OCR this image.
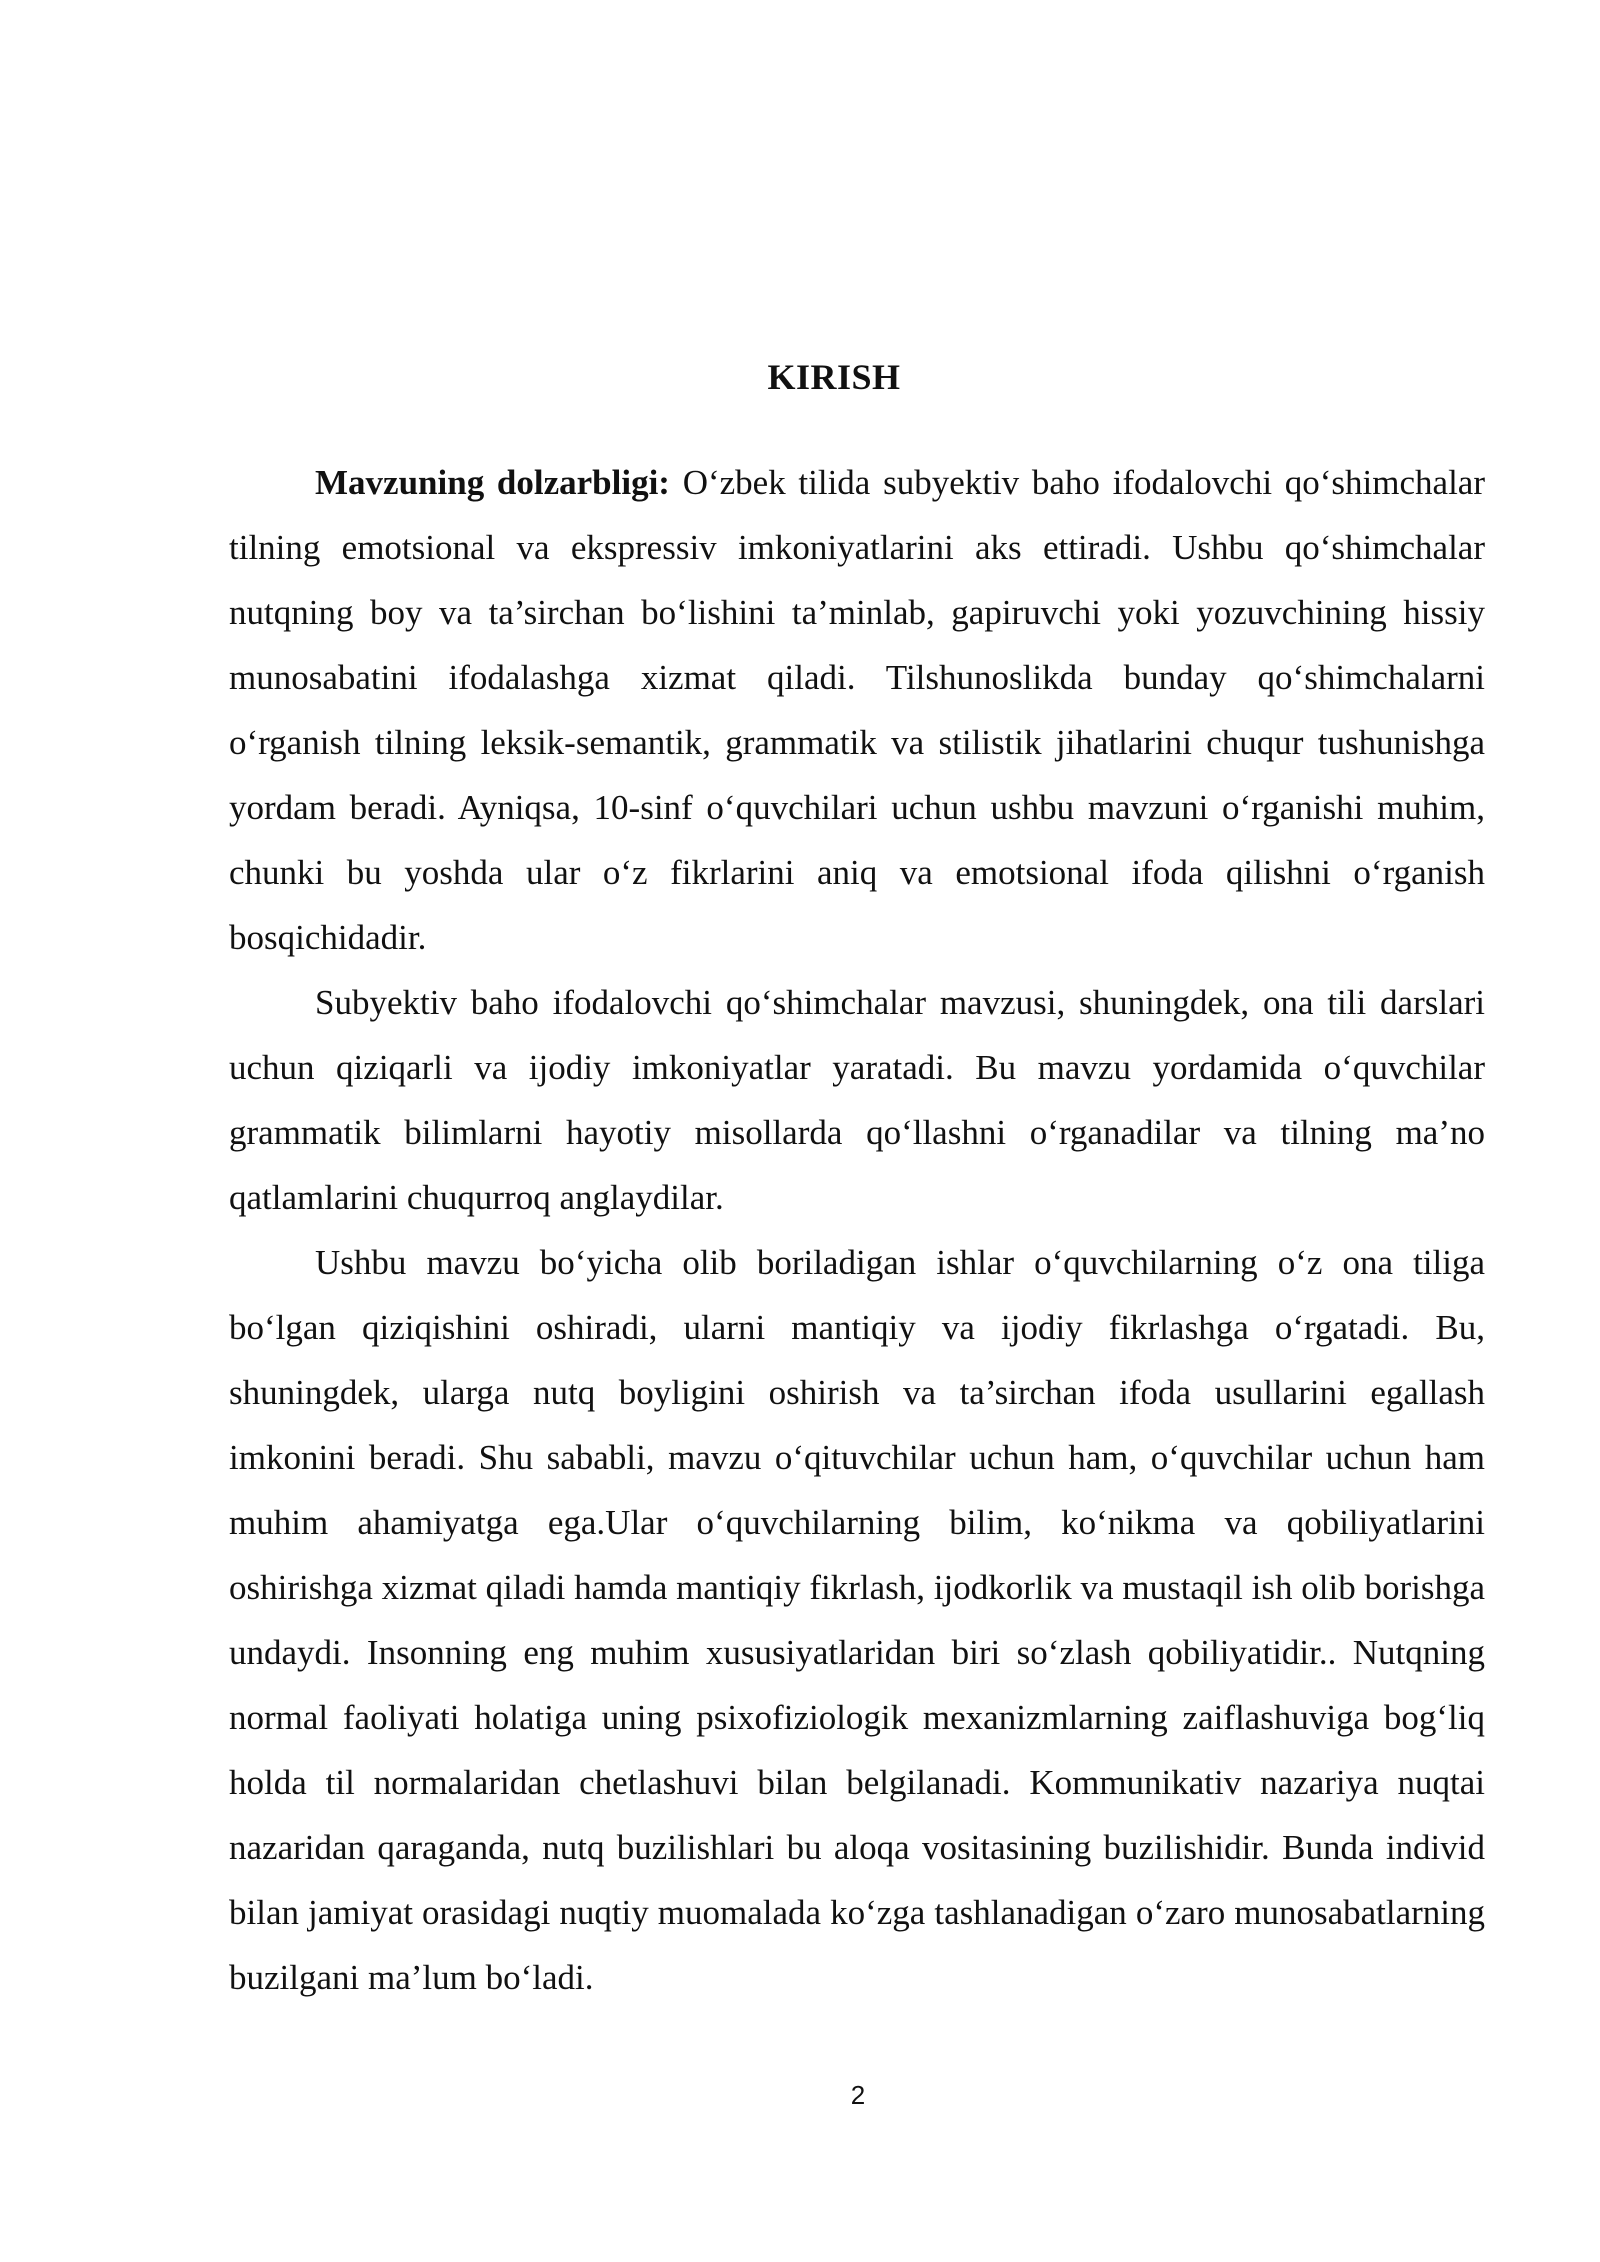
KIRISH

Mavzuning dolzarbligi: O‘zbek tilida subyektiv baho ifodalovchi qo‘shimchalar tilning emotsional va ekspressiv imkoniyatlarini aks ettiradi. Ushbu qo‘shimchalar nutqning boy va ta’sirchan bo‘lishini ta’minlab, gapiruvchi yoki yozuvchining hissiy munosabatini ifodalashga xizmat qiladi. Tilshunoslikda bunday qo‘shimchalarni o‘rganish tilning leksik-semantik, grammatik va stilistik jihatlarini chuqur tushunishga yordam beradi. Ayniqsa, 10-sinf o‘quvchilari uchun ushbu mavzuni o‘rganishi muhim, chunki bu yoshda ular o‘z fikrlarini aniq va emotsional ifoda qilishni o‘rganish bosqichidadir.

Subyektiv baho ifodalovchi qo‘shimchalar mavzusi, shuningdek, ona tili darslari uchun qiziqarli va ijodiy imkoniyatlar yaratadi. Bu mavzu yordamida o‘quvchilar grammatik bilimlarni hayotiy misollarda qo‘llashni o‘rganadilar va tilning ma’no qatlamlarini chuqurroq anglaydilar.

Ushbu mavzu bo‘yicha olib boriladigan ishlar o‘quvchilarning o‘z ona tiliga bo‘lgan qiziqishini oshiradi, ularni mantiqiy va ijodiy fikrlashga o‘rgatadi. Bu, shuningdek, ularga nutq boyligini oshirish va ta’sirchan ifoda usullarini egallash imkonini beradi. Shu sababli, mavzu o‘qituvchilar uchun ham, o‘quvchilar uchun ham muhim ahamiyatga ega.Ular o‘quvchilarning bilim, ko‘nikma va qobiliyatlarini oshirishga xizmat qiladi hamda mantiqiy fikrlash, ijodkorlik va mustaqil ish olib borishga undaydi. Insonning eng muhim xususiyatlaridan biri so‘zlash qobiliyatidir.. Nutqning normal faoliyati holatiga uning psixofiziologik mexanizmlarning zaiflashuviga bog‘liq holda til normalaridan chetlashuvi bilan belgilanadi. Kommunikativ nazariya nuqtai nazaridan qaraganda, nutq buzilishlari bu aloqa vositasining buzilishidir. Bunda individ bilan jamiyat orasidagi nuqtiy muomalada ko‘zga tashlanadigan o‘zaro munosabatlarning buzilgani ma’lum bo‘ladi.

2
